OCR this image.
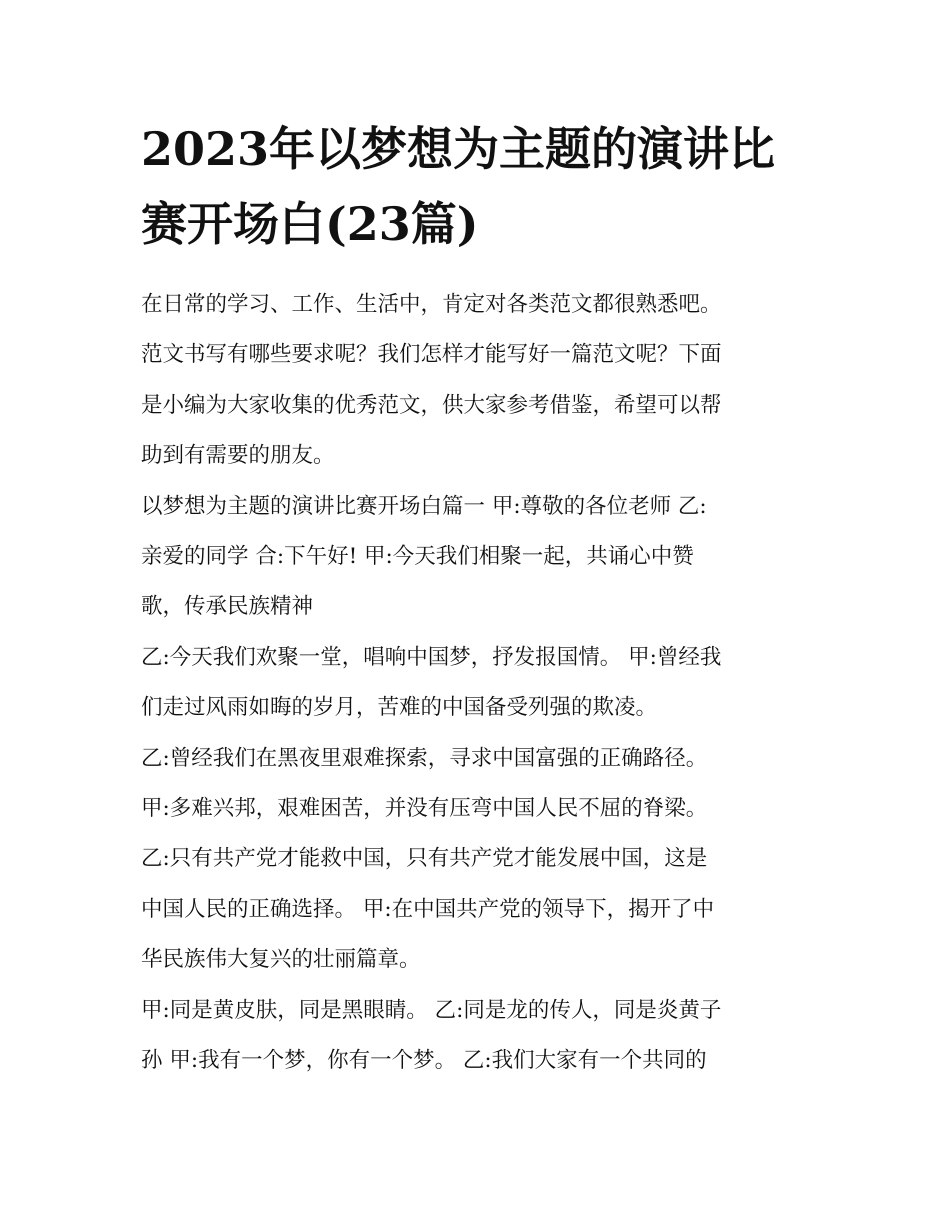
2023年以梦想为主题的演讲比
赛开场白(23篇)

在日常的学习、工作、生活中，肯定对各类范文都很熟悉吧。
范文书写有哪些要求呢？我们怎样才能写好一篇范文呢？下面
是小编为大家收集的优秀范文，供大家参考借鉴，希望可以帮
助到有需要的朋友。

以梦想为主题的演讲比赛开场白篇一 甲:尊敬的各位老师 乙:
亲爱的同学 合:下午好! 甲:今天我们相聚一起，共诵心中赞
歌，传承民族精神

乙:今天我们欢聚一堂，唱响中国梦，抒发报国情。 甲:曾经我
们走过风雨如晦的岁月，苦难的中国备受列强的欺凌。

乙:曾经我们在黑夜里艰难探索，寻求中国富强的正确路径。

甲:多难兴邦，艰难困苦，并没有压弯中国人民不屈的脊梁。

乙:只有共产党才能救中国，只有共产党才能发展中国，这是
中国人民的正确选择。 甲:在中国共产党的领导下，揭开了中
华民族伟大复兴的壮丽篇章。

甲:同是黄皮肤，同是黑眼睛。 乙:同是龙的传人，同是炎黄子
孙 甲:我有一个梦，你有一个梦。 乙:我们大家有一个共同的
